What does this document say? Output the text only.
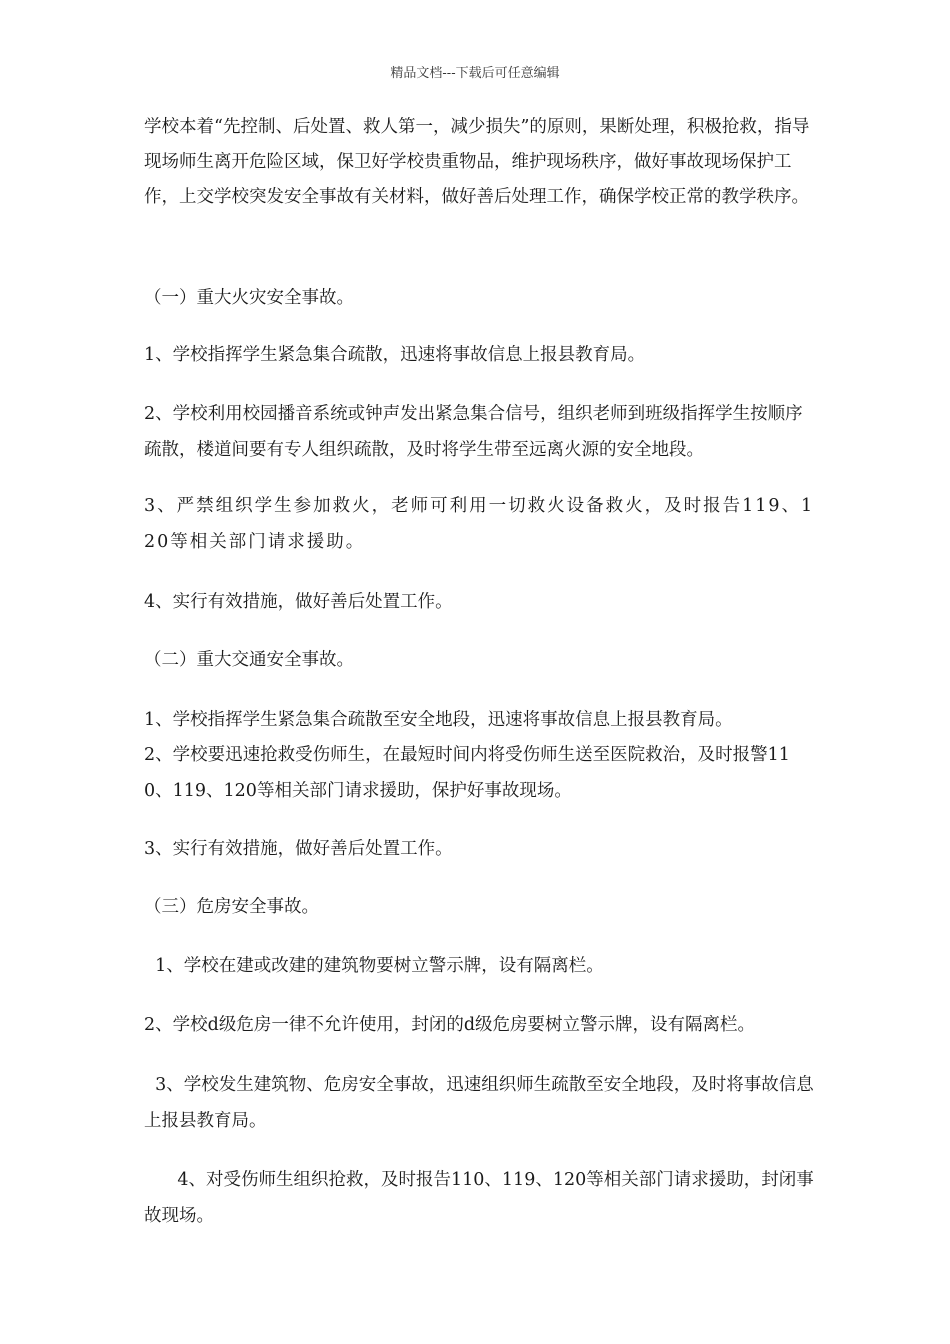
精品文档---下载后可任意编辑
学校本着“先控制、后处置、救人第一，减少损失”的原则，果断处理，积极抢救，指导现场师生离开危险区域，保卫好学校贵重物品，维护现场秩序，做好事故现场保护工作，上交学校突发安全事故有关材料，做好善后处理工作，确保学校正常的教学秩序。
（一）重大火灾安全事故。
1、学校指挥学生紧急集合疏散，迅速将事故信息上报县教育局。
2、学校利用校园播音系统或钟声发出紧急集合信号，组织老师到班级指挥学生按顺序疏散，楼道间要有专人组织疏散，及时将学生带至远离火源的安全地段。
3、严禁组织学生参加救火，老师可利用一切救火设备救火，及时报告119、120等相关部门请求援助。
4、实行有效措施，做好善后处置工作。
（二）重大交通安全事故。
1、学校指挥学生紧急集合疏散至安全地段，迅速将事故信息上报县教育局。
2、学校要迅速抢救受伤师生，在最短时间内将受伤师生送至医院救治，及时报警110、119、120等相关部门请求援助，保护好事故现场。
3、实行有效措施，做好善后处置工作。
（三）危房安全事故。
1、学校在建或改建的建筑物要树立警示牌，设有隔离栏。
2、学校d级危房一律不允许使用，封闭的d级危房要树立警示牌，设有隔离栏。
3、学校发生建筑物、危房安全事故，迅速组织师生疏散至安全地段，及时将事故信息上报县教育局。
4、对受伤师生组织抢救，及时报告110、119、120等相关部门请求援助，封闭事故现场。
